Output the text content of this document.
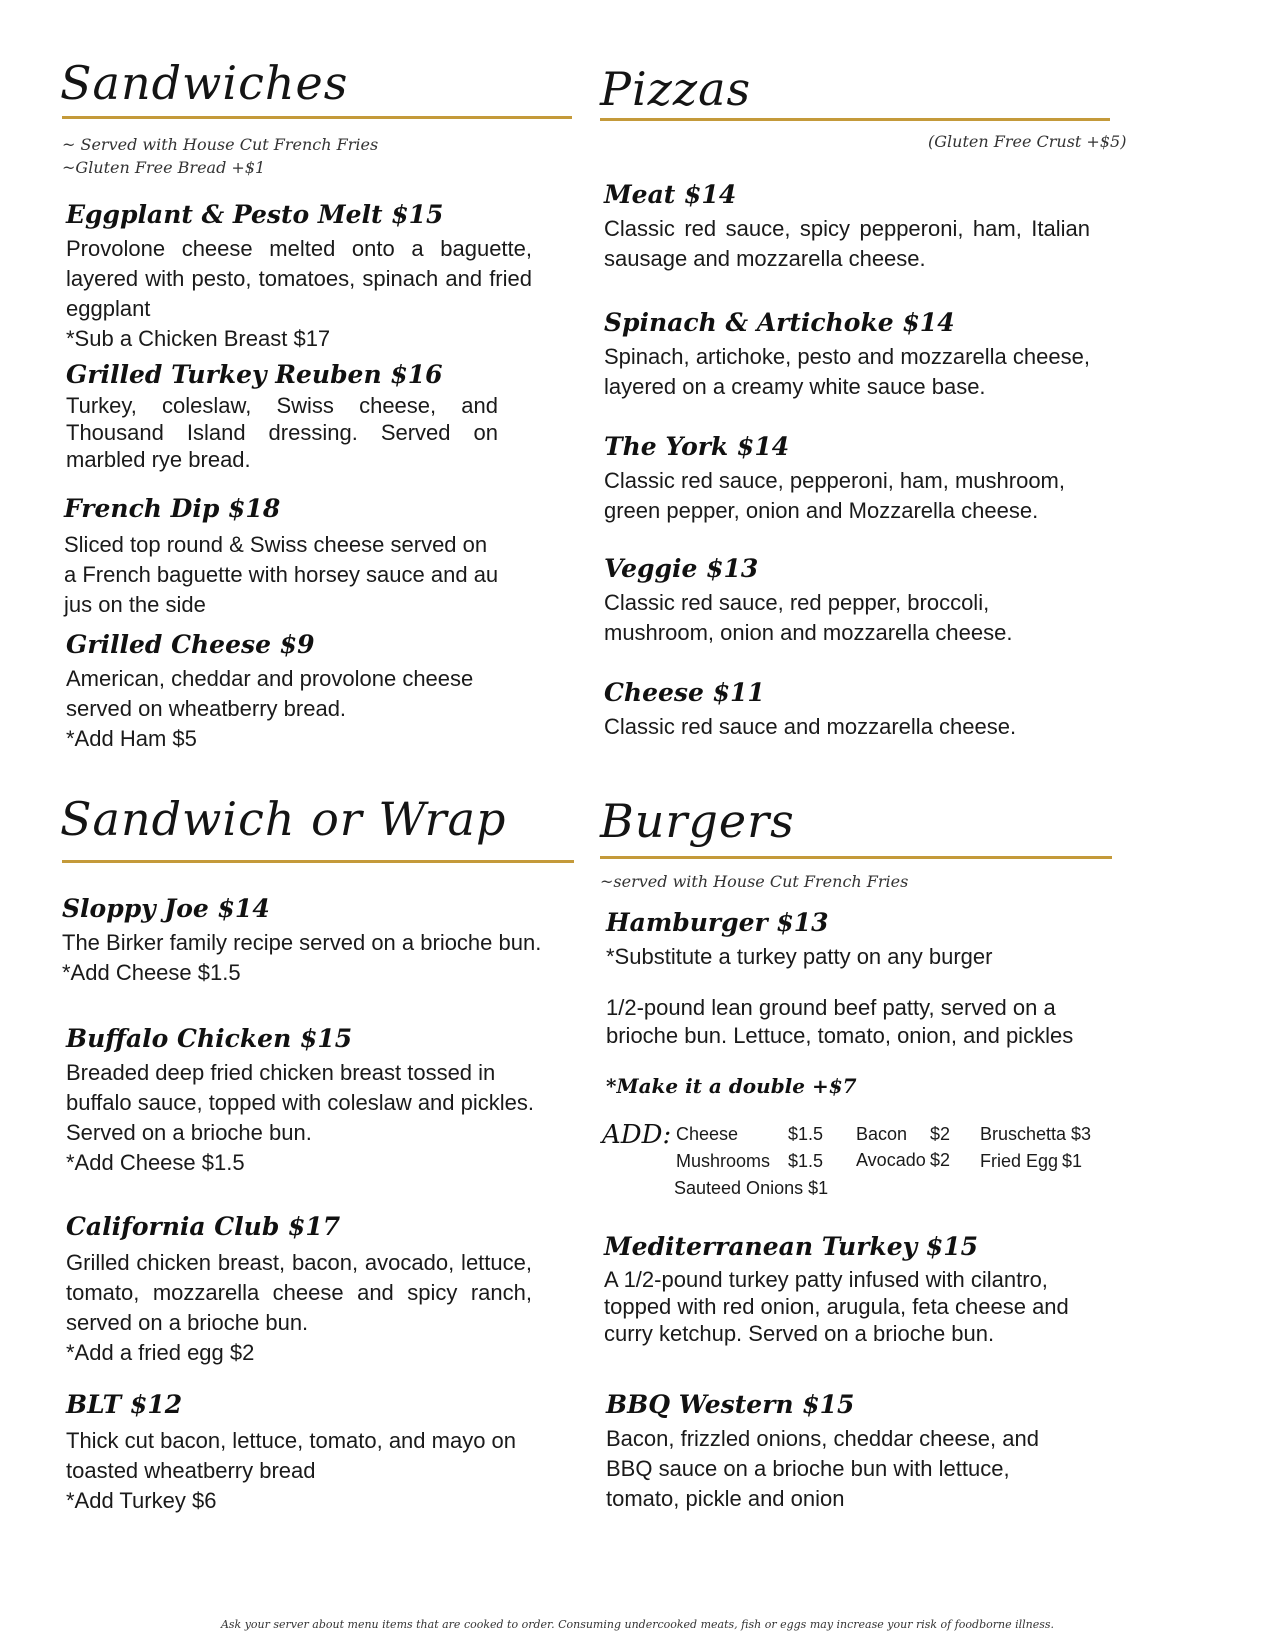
Sandwiches
~ Served with House Cut French Fries
~Gluten Free Bread +$1
Eggplant & Pesto Melt $15

Provolone cheese melted onto a baguette, layered with pesto, tomatoes, spinach and fried eggplant

*Sub a Chicken Breast $17

Grilled Turkey Reuben $16
Turkey, coleslaw, Swiss cheese, and Thousand Island dressing. Served on marbled rye bread.
French Dip $18
Sliced top round & Swiss cheese served on a French baguette with horsey sauce and au jus on the side
Grilled Cheese $9

American, cheddar and provolone cheese served on wheatberry bread.

*Add Ham $5

Pizzas
(Gluten Free Crust +$5)
Meat $14
Classic red sauce, spicy pepperoni, ham, Italian sausage and mozzarella cheese.
Spinach & Artichoke $14
Spinach, artichoke, pesto and mozzarella cheese, layered on a creamy white sauce base.
The York $14
Classic red sauce, pepperoni, ham, mushroom, green pepper, onion and Mozzarella cheese.
Veggie $13
Classic red sauce, red pepper, broccoli, mushroom, onion and mozzarella cheese.
Cheese $11
Classic red sauce and mozzarella cheese.
Sandwich or Wrap
Sloppy Joe $14

The Birker family recipe served on a brioche bun.

*Add Cheese $1.5

Buffalo Chicken $15

Breaded deep fried chicken breast tossed in buffalo sauce, topped with coleslaw and pickles. Served on a brioche bun.

*Add Cheese $1.5

California Club $17

Grilled chicken breast, bacon, avocado, lettuce, tomato, mozzarella cheese and spicy ranch, served on a brioche bun.

*Add a fried egg $2

BLT $12

Thick cut bacon, lettuce, tomato, and mayo on toasted wheatberry bread

*Add Turkey $6

Burgers
~served with House Cut French Fries
Hamburger $13
*Substitute a turkey patty on any burger
1/2-pound lean ground beef patty, served on a brioche bun. Lettuce, tomato, onion, and pickles
*Make it a double +$7
ADD: Cheese	$1.5
Mushrooms $1.5
Sauteed Onions $1
Bacon $2
Avocado $2
Bruschetta $3
Fried Egg $1
Mediterranean Turkey $15
A 1/2-pound turkey patty infused with cilantro, topped with red onion, arugula, feta cheese and curry ketchup. Served on a brioche bun.
BBQ Western $15
Bacon, frizzled onions, cheddar cheese, and BBQ sauce on a brioche bun with lettuce, tomato, pickle and onion
Ask your server about menu items that are cooked to order. Consuming undercooked meats, fish or eggs may increase your risk of foodborne illness.
